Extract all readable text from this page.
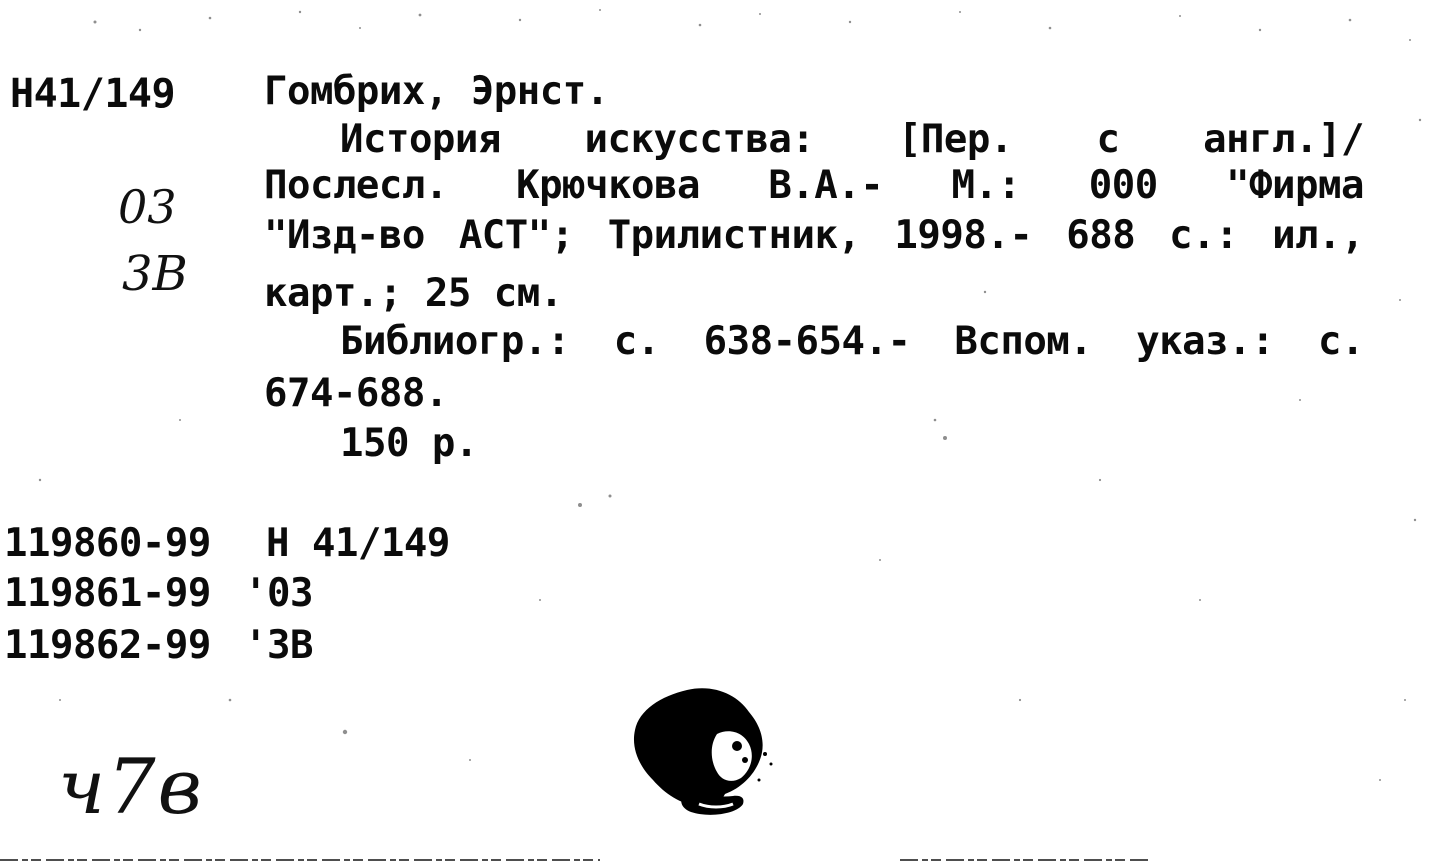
Н41/149
03
3В
Гомбрих, Эрнст.
История искусства: [Пер. с англ.]/
Послесл. Крючкова В.А.- М.: 000 "Фирма
"Изд-во АСТ"; Трилистник, 1998.- 688 с.: ил.,
карт.; 25 см.
Библиогр.: с. 638-654.- Вспом. указ.: с.
674-688.
150 р.
119860-99 Н 41/149
119861-99 '03
119862-99 '3В
ч7в
